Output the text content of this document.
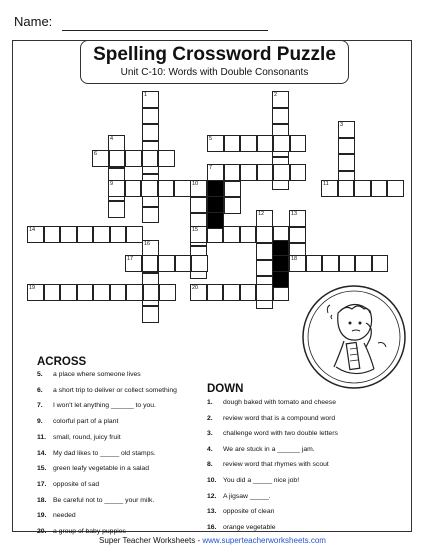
Name:
Spelling Crossword Puzzle
Unit C-10: Words with Double Consonants
1	2
3
4
10
12	13
16
5
6
7
9	11
14	15
17	18
19	20
ACROSS
DOWN
5. a place where someone lives
6. a short trip to deliver or collect something
7. I won't let anything ______ to you.
9. colorful part of a plant
11. small, round, juicy fruit
14. My dad likes to _____ old stamps.
15. green leafy vegetable in a salad
17. opposite of sad
18. Be careful not to _____ your milk.
19. needed
20. a group of baby puppies
1. dough baked with tomato and cheese
2. review word that is a compound word
3. challenge word with two double letters
4. We are stuck in a ______ jam.
8. review word that rhymes with scout
10. You did a _____ nice job!
12. A jigsaw _____.
13. opposite of clean
16. orange vegetable
Super Teacher Worksheets - www.superteacherworksheets.com
